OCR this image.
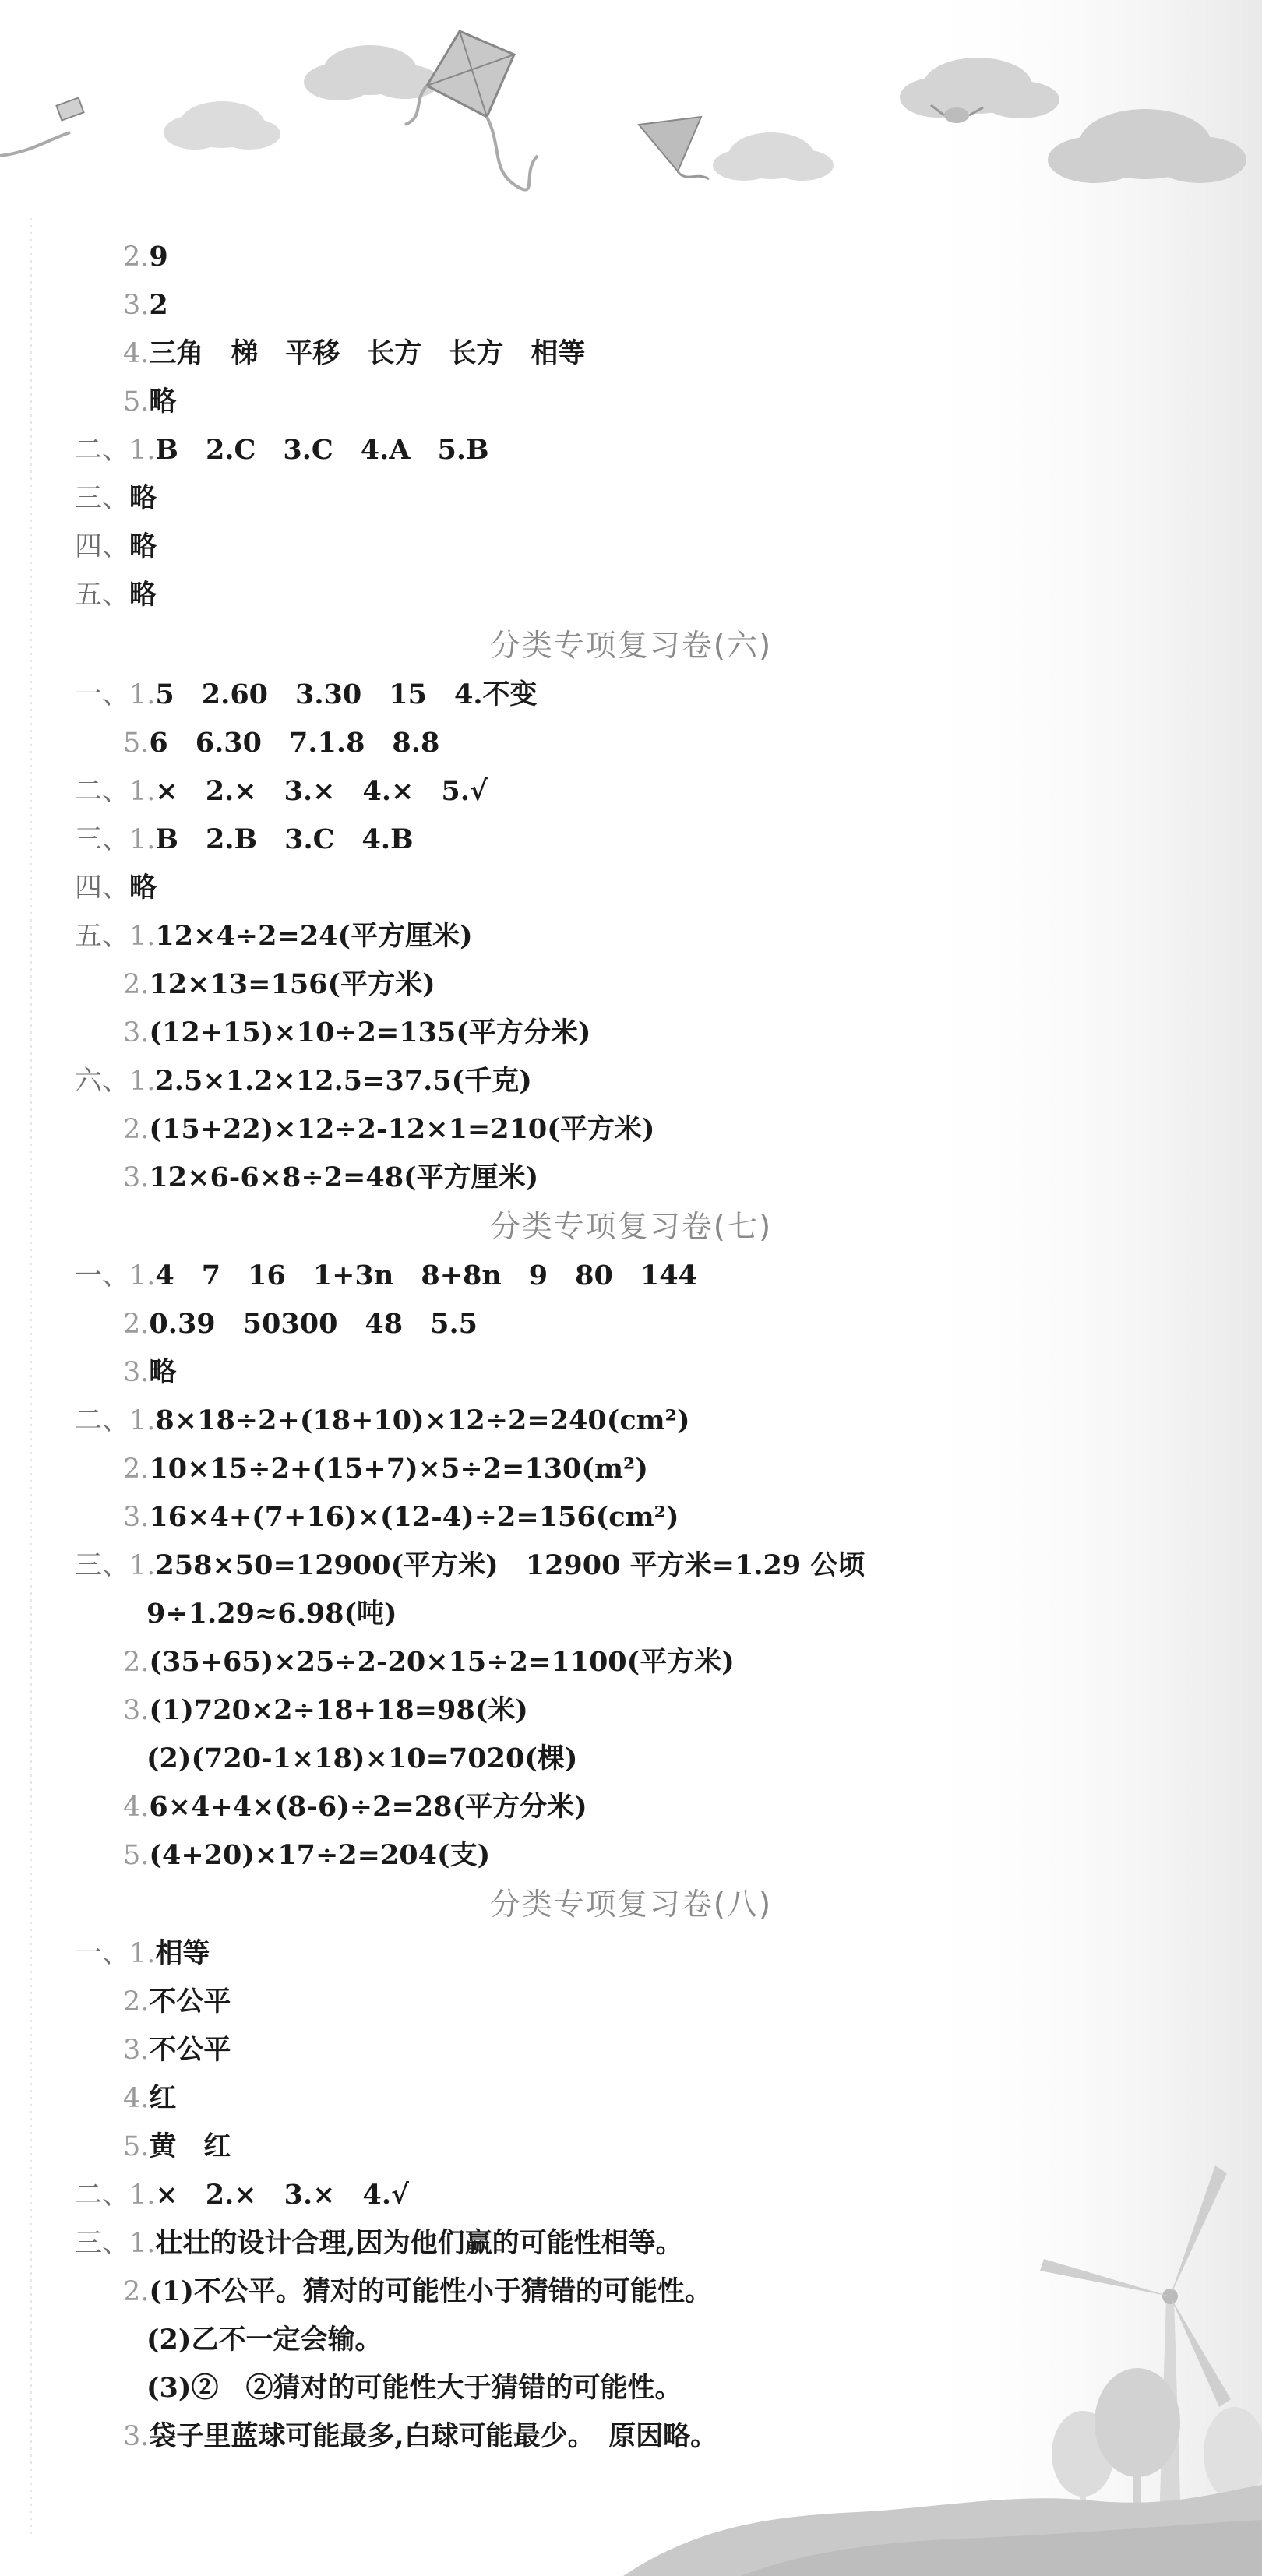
2.9
3.2
4.三角　梯　平移　长方　长方　相等
5.略
二、1.B　2.C　3.C　4.A　5.B
三、略
四、略
五、略
分类专项复习卷(六)
一、1.5　2.60　3.30　15　4.不变
5.6　6.30　7.1.8　8.8
二、1.×　2.×　3.×　4.×　5.√
三、1.B　2.B　3.C　4.B
四、略
五、1.12×4÷2=24(平方厘米)
2.12×13=156(平方米)
3.(12+15)×10÷2=135(平方分米)
六、1.2.5×1.2×12.5=37.5(千克)
2.(15+22)×12÷2-12×1=210(平方米)
3.12×6-6×8÷2=48(平方厘米)
分类专项复习卷(七)
一、1.4　7　16　1+3n　8+8n　9　80　144
2.0.39　50300　48　5.5
3.略
二、1.8×18÷2+(18+10)×12÷2=240(cm²)
2.10×15÷2+(15+7)×5÷2=130(m²)
3.16×4+(7+16)×(12-4)÷2=156(cm²)
三、1.258×50=12900(平方米)　12900 平方米=1.29 公顷
9÷1.29≈6.98(吨)
2.(35+65)×25÷2-20×15÷2=1100(平方米)
3.(1)720×2÷18+18=98(米)
(2)(720-1×18)×10=7020(棵)
4.6×4+4×(8-6)÷2=28(平方分米)
5.(4+20)×17÷2=204(支)
分类专项复习卷(八)
一、1.相等
2.不公平
3.不公平
4.红
5.黄　红
二、1.×　2.×　3.×　4.√
三、1.壮壮的设计合理,因为他们赢的可能性相等。
2.(1)不公平。猜对的可能性小于猜错的可能性。
(2)乙不一定会输。
(3)②　②猜对的可能性大于猜错的可能性。
3.袋子里蓝球可能最多,白球可能最少。　原因略。
